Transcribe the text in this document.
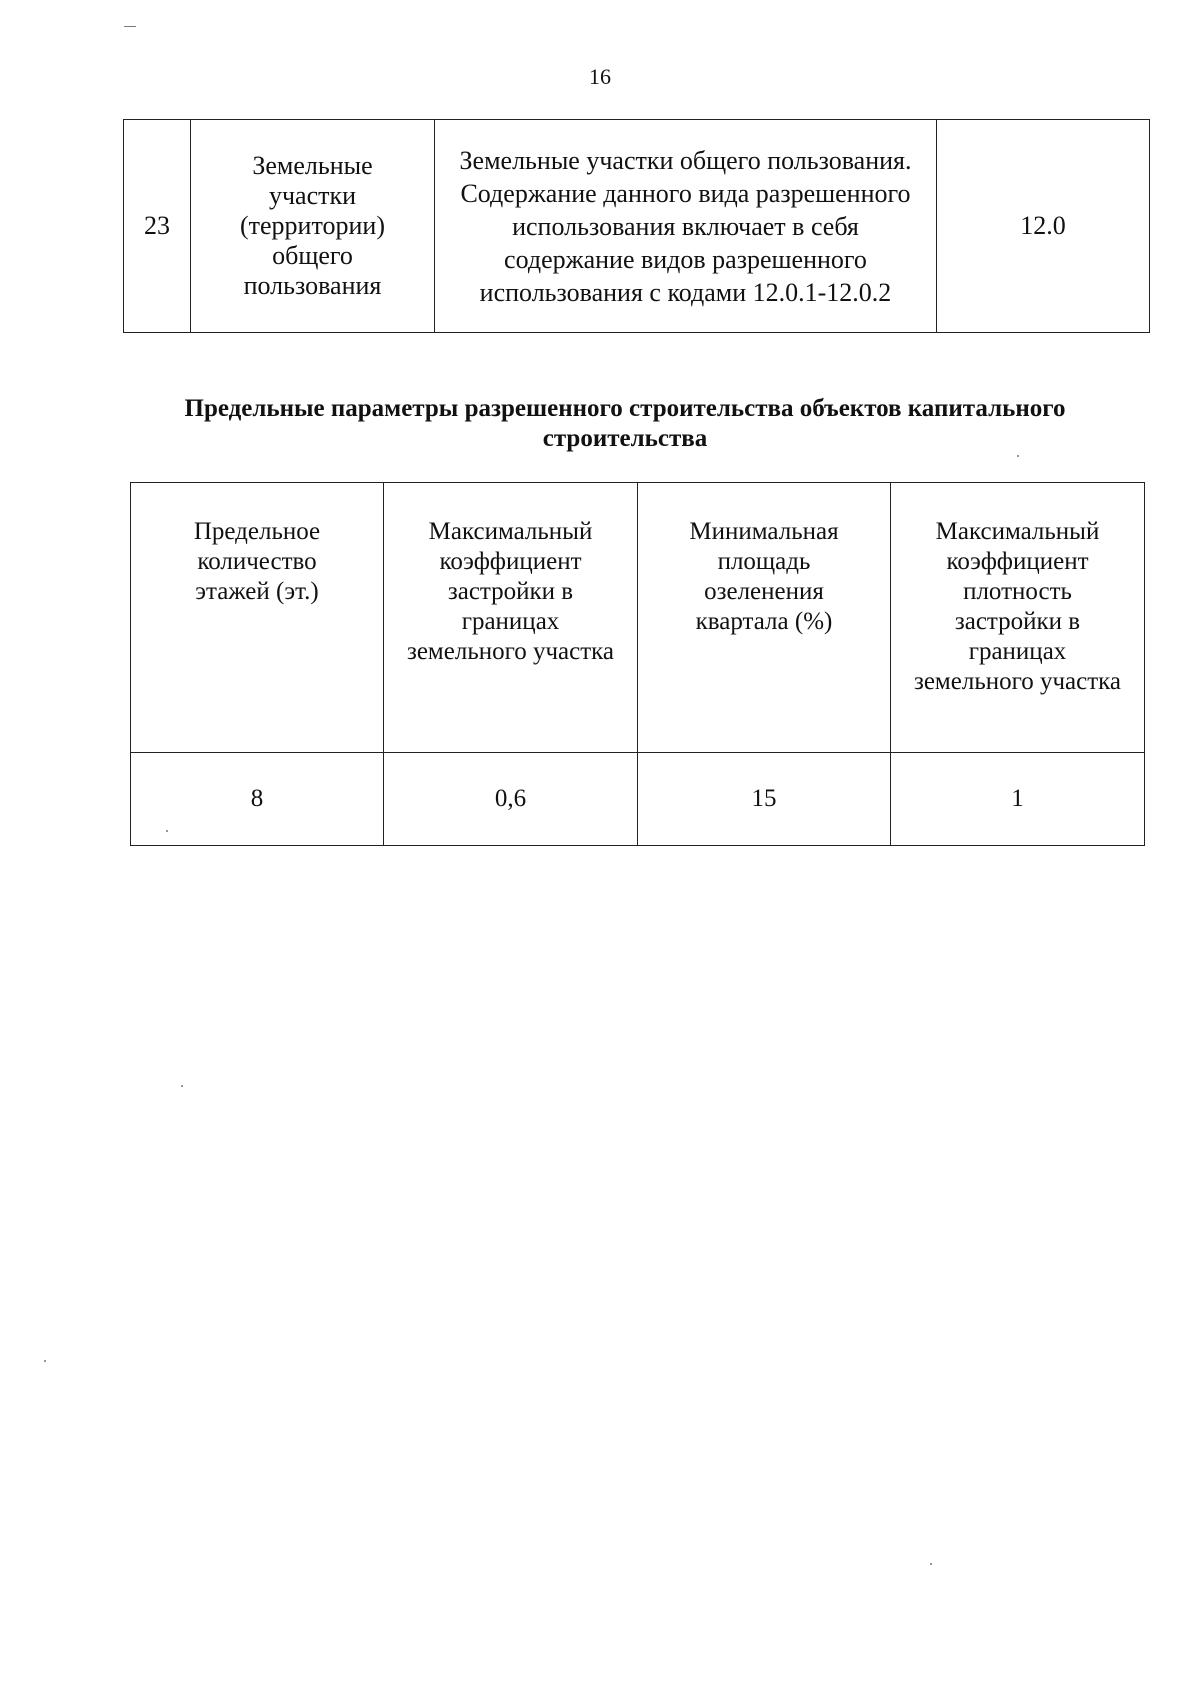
16
23	Земельные участки (территории) общего пользования	Земельные участки общего пользования. Содержание данного вида разрешенного использования включает в себя содержание видов разрешенного использования с кодами 12.0.1-12.0.2	12.0
Предельные параметры разрешенного строительства объектов капитального строительства
Предельное количество этажей (эт.)	Максимальный коэффициент застройки в границах земельного участка	Минимальная площадь озеленения квартала (%)	Максимальный коэффициент плотность застройки в границах земельного участка
8	0,6	15	1
